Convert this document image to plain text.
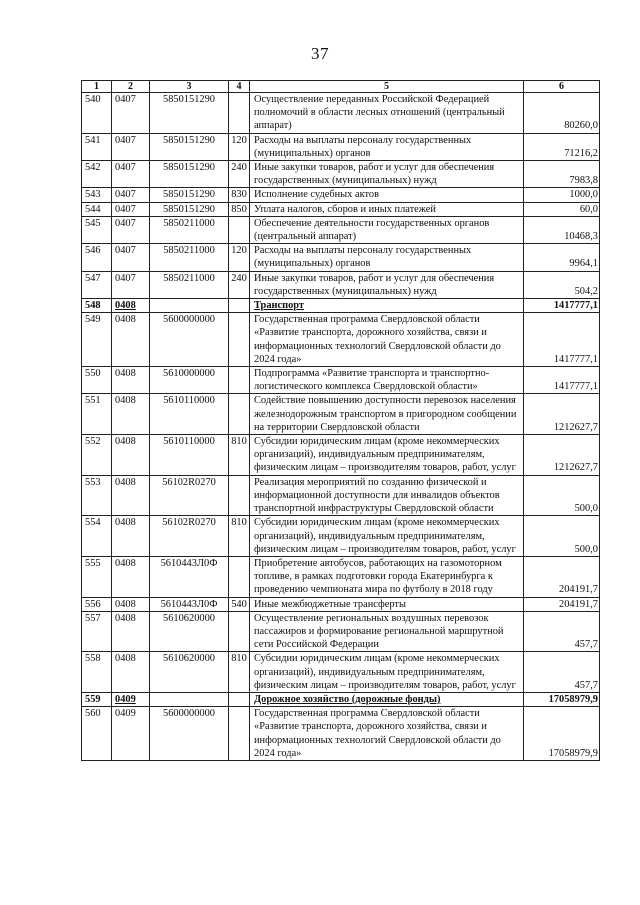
37
1	2	3	4	5	6
540	0407	5850151290		Осуществление переданных Российской Федерацией полномочий в области лесных отношений (центральный аппарат)	80260,0
541	0407	5850151290	120	Расходы на выплаты персоналу государственных (муниципальных) органов	71216,2
542	0407	5850151290	240	Иные закупки товаров, работ и услуг для обеспечения государственных (муниципальных) нужд	7983,8
543	0407	5850151290	830	Исполнение судебных актов	1000,0
544	0407	5850151290	850	Уплата налогов, сборов и иных платежей	60,0
545	0407	5850211000		Обеспечение деятельности государственных органов (центральный аппарат)	10468,3
546	0407	5850211000	120	Расходы на выплаты персоналу государственных (муниципальных) органов	9964,1
547	0407	5850211000	240	Иные закупки товаров, работ и услуг для обеспечения государственных (муниципальных) нужд	504,2
548	0408			Транспорт	1417777,1
549	0408	5600000000		Государственная программа Свердловской области «Развитие транспорта, дорожного хозяйства, связи и информационных технологий Свердловской области до 2024 года»	1417777,1
550	0408	5610000000		Подпрограмма «Развитие транспорта и транспортно-логистического комплекса Свердловской области»	1417777,1
551	0408	5610110000		Содействие повышению доступности перевозок населения железнодорожным транспортом в пригородном сообщении на территории Свердловской области	1212627,7
552	0408	5610110000	810	Субсидии юридическим лицам (кроме некоммерческих организаций), индивидуальным предпринимателям, физическим лицам – производителям товаров, работ, услуг	1212627,7
553	0408	56102R0270		Реализация мероприятий по созданию физической и информационной доступности для инвалидов объектов транспортной инфраструктуры Свердловской области	500,0
554	0408	56102R0270	810	Субсидии юридическим лицам (кроме некоммерческих организаций), индивидуальным предпринимателям, физическим лицам – производителям товаров, работ, услуг	500,0
555	0408	5610443Л0Ф		Приобретение автобусов, работающих на газомоторном топливе, в рамках подготовки города Екатеринбурга к проведению чемпионата мира по футболу в 2018 году	204191,7
556	0408	5610443Л0Ф	540	Иные межбюджетные трансферты	204191,7
557	0408	5610620000		Осуществление региональных воздушных перевозок пассажиров и формирование региональной маршрутной сети Российской Федерации	457,7
558	0408	5610620000	810	Субсидии юридическим лицам (кроме некоммерческих организаций), индивидуальным предпринимателям, физическим лицам – производителям товаров, работ, услуг	457,7
559	0409			Дорожное хозяйство (дорожные фонды)	17058979,9
560	0409	5600000000		Государственная программа Свердловской области «Развитие транспорта, дорожного хозяйства, связи и информационных технологий Свердловской области до 2024 года»	17058979,9
